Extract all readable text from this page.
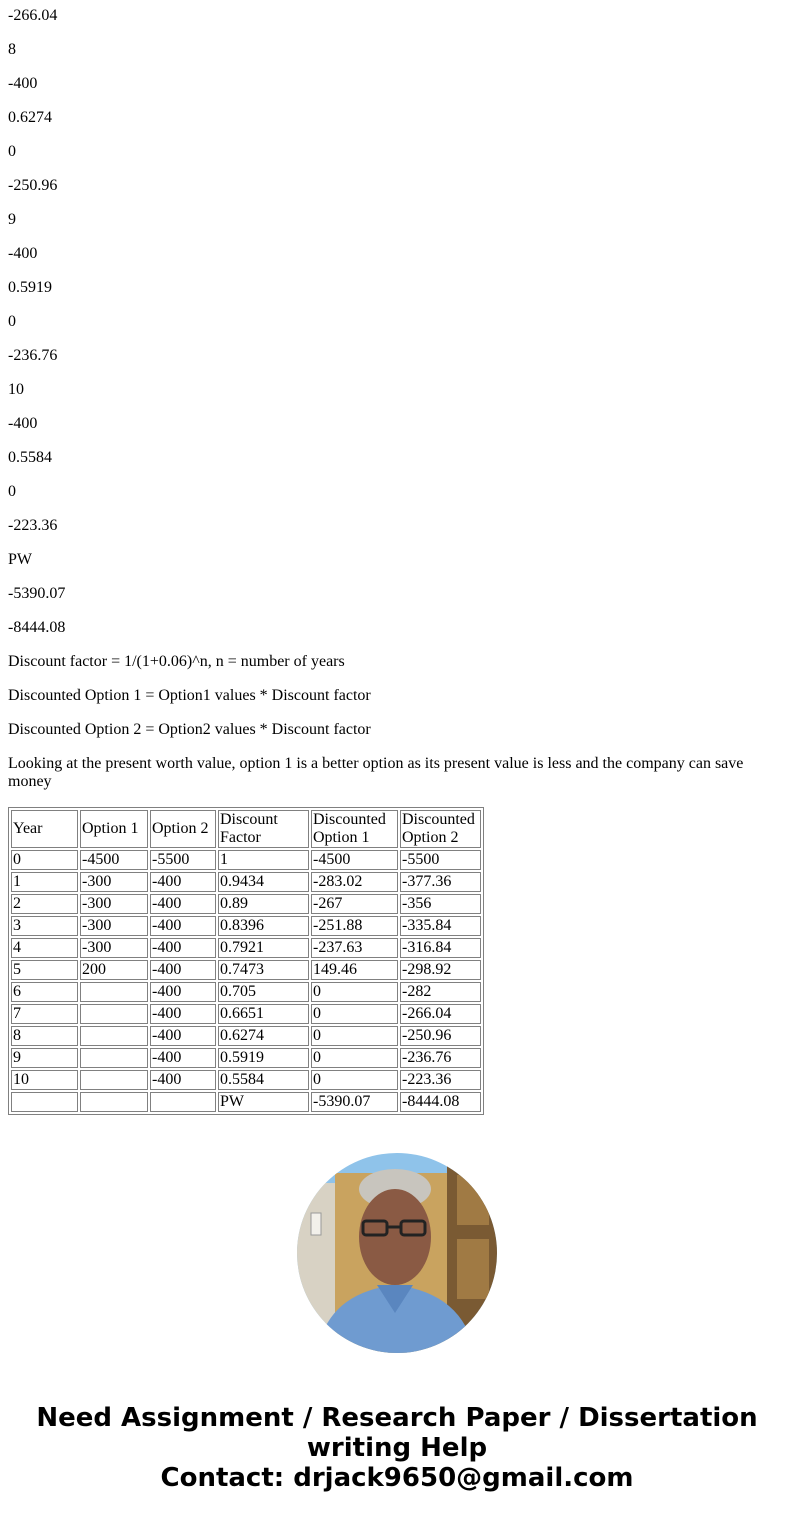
-266.04

8

-400

0.6274

0

-250.96

9

-400

0.5919

0

-236.76

10

-400

0.5584

0

-223.36

PW

-5390.07

-8444.08

Discount factor = 1/(1+0.06)^n, n = number of years

Discounted Option 1 = Option1 values * Discount factor

Discounted Option 2 = Option2 values * Discount factor

Looking at the present worth value, option 1 is a better option as its present value is less and the company can save money

Year	Option 1	Option 2	Discount Factor	Discounted Option 1	Discounted Option 2
0	-4500	-5500	1	-4500	-5500
1	-300	-400	0.9434	-283.02	-377.36
2	-300	-400	0.89	-267	-356
3	-300	-400	0.8396	-251.88	-335.84
4	-300	-400	0.7921	-237.63	-316.84
5	200	-400	0.7473	149.46	-298.92
6		-400	0.705	0	-282
7		-400	0.6651	0	-266.04
8		-400	0.6274	0	-250.96
9		-400	0.5919	0	-236.76
10		-400	0.5584	0	-223.36
			PW	-5390.07	-8444.08
Need Assignment / Research Paper / Dissertation
writing Help
Contact: drjack9650@gmail.com
